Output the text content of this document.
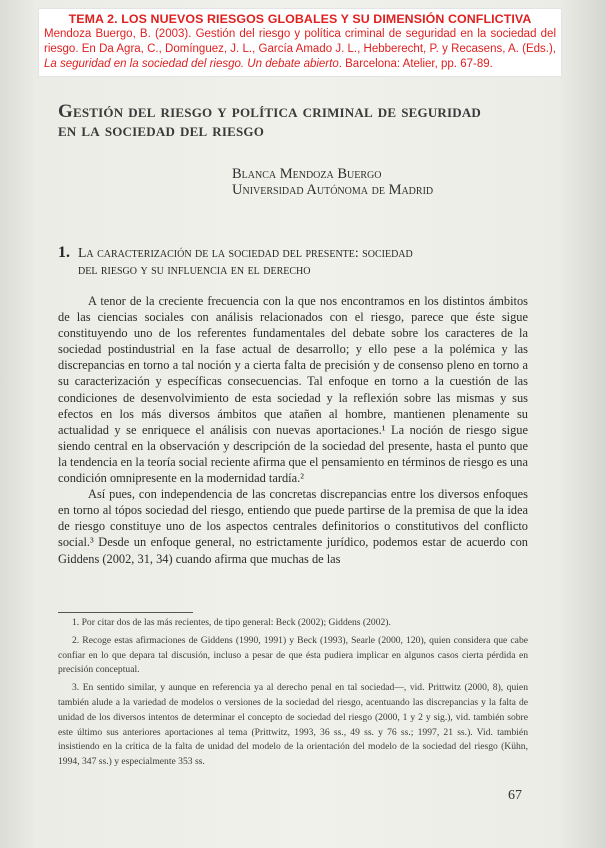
TEMA 2. LOS NUEVOS RIESGOS GLOBALES Y SU DIMENSIÓN CONFLICTIVA
Mendoza Buergo, B. (2003). Gestión del riesgo y política criminal de seguridad en la sociedad del riesgo. En Da Agra, C., Domínguez, J. L., García Amado J. L., Hebberecht, P. y Recasens, A. (Eds.), La seguridad en la sociedad del riesgo. Un debate abierto. Barcelona: Atelier, pp. 67-89.
Gestión del riesgo y política criminal de seguridad
en la sociedad del riesgo
Blanca Mendoza Buergo
Universidad Autónoma de Madrid
1. La caracterización de la sociedad del presente: sociedad
del riesgo y su influencia en el derecho

A tenor de la creciente frecuencia con la que nos encontramos en los distintos ámbitos de las ciencias sociales con análisis relacionados con el riesgo, parece que éste sigue constituyendo uno de los referentes fundamentales del debate sobre los caracteres de la sociedad postindustrial en la fase actual de desarrollo; y ello pese a la polémica y las discrepancias en torno a tal noción y a cierta falta de precisión y de consenso pleno en torno a su caracterización y específicas consecuencias. Tal enfoque en torno a la cuestión de las condiciones de desenvolvimiento de esta sociedad y la reflexión sobre las mismas y sus efectos en los más diversos ámbitos que atañen al hombre, mantienen plenamente su actualidad y se enriquece el análisis con nuevas aportaciones.¹ La noción de riesgo sigue siendo central en la observación y descripción de la sociedad del presente, hasta el punto que la tendencia en la teoría social reciente afirma que el pensamiento en términos de riesgo es una condición omnipresente en la modernidad tardía.²

Así pues, con independencia de las concretas discrepancias entre los diversos enfoques en torno al tópos sociedad del riesgo, entiendo que puede partirse de la premisa de que la idea de riesgo constituye uno de los aspectos centrales definitorios o constitutivos del conflicto social.³ Desde un enfoque general, no estrictamente jurídico, podemos estar de acuerdo con Giddens (2002, 31, 34) cuando afirma que muchas de las

1. Por citar dos de las más recientes, de tipo general: Beck (2002); Giddens (2002).

2. Recoge estas afirmaciones de Giddens (1990, 1991) y Beck (1993), Searle (2000, 120), quien considera que cabe confiar en lo que depara tal discusión, incluso a pesar de que ésta pudiera implicar en algunos casos cierta pérdida en precisión conceptual.

3. En sentido similar, y aunque en referencia ya al derecho penal en tal sociedad—, vid. Prittwitz (2000, 8), quien también alude a la variedad de modelos o versiones de la sociedad del riesgo, acentuando las discrepancias y la falta de unidad de los diversos intentos de determinar el concepto de sociedad del riesgo (2000, 1 y 2 y sig.), vid. también sobre este último sus anteriores aportaciones al tema (Prittwitz, 1993, 36 ss., 49 ss. y 76 ss.; 1997, 21 ss.). Vid. también insistiendo en la crítica de la falta de unidad del modelo de la orientación del modelo de la sociedad del riesgo (Kühn, 1994, 347 ss.) y especialmente 353 ss.

67
